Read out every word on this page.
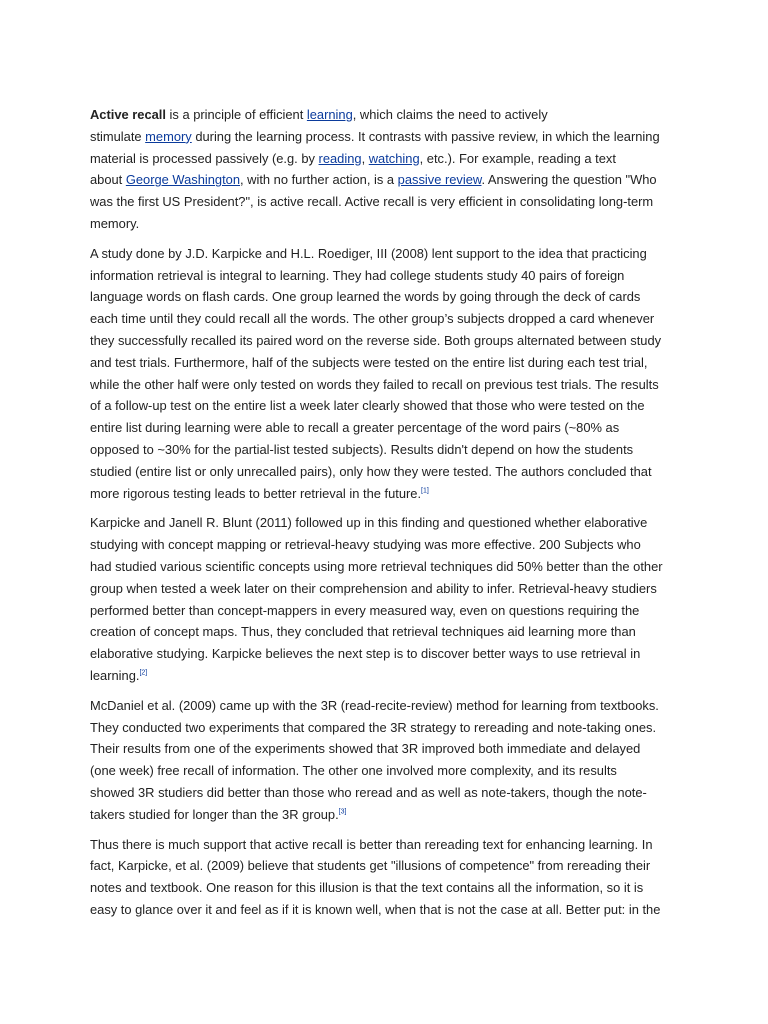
Active recall is a principle of efficient learning, which claims the need to actively
stimulate memory during the learning process. It contrasts with passive review, in which the learning
material is processed passively (e.g. by reading, watching, etc.). For example, reading a text
about George Washington, with no further action, is a passive review. Answering the question "Who
was the first US President?", is active recall. Active recall is very efficient in consolidating long-term
memory.

A study done by J.D. Karpicke and H.L. Roediger, III (2008) lent support to the idea that practicing
information retrieval is integral to learning. They had college students study 40 pairs of foreign
language words on flash cards. One group learned the words by going through the deck of cards
each time until they could recall all the words. The other group’s subjects dropped a card whenever
they successfully recalled its paired word on the reverse side. Both groups alternated between study
and test trials. Furthermore, half of the subjects were tested on the entire list during each test trial,
while the other half were only tested on words they failed to recall on previous test trials. The results
of a follow-up test on the entire list a week later clearly showed that those who were tested on the
entire list during learning were able to recall a greater percentage of the word pairs (~80% as
opposed to ~30% for the partial-list tested subjects). Results didn't depend on how the students
studied (entire list or only unrecalled pairs), only how they were tested. The authors concluded that
more rigorous testing leads to better retrieval in the future.[1]

Karpicke and Janell R. Blunt (2011) followed up in this finding and questioned whether elaborative
studying with concept mapping or retrieval-heavy studying was more effective. 200 Subjects who
had studied various scientific concepts using more retrieval techniques did 50% better than the other
group when tested a week later on their comprehension and ability to infer. Retrieval-heavy studiers
performed better than concept-mappers in every measured way, even on questions requiring the
creation of concept maps. Thus, they concluded that retrieval techniques aid learning more than
elaborative studying. Karpicke believes the next step is to discover better ways to use retrieval in
learning.[2]

McDaniel et al. (2009) came up with the 3R (read-recite-review) method for learning from textbooks.
They conducted two experiments that compared the 3R strategy to rereading and note-taking ones.
Their results from one of the experiments showed that 3R improved both immediate and delayed
(one week) free recall of information. The other one involved more complexity, and its results
showed 3R studiers did better than those who reread and as well as note-takers, though the note-
takers studied for longer than the 3R group.[3]

Thus there is much support that active recall is better than rereading text for enhancing learning. In
fact, Karpicke, et al. (2009) believe that students get "illusions of competence" from rereading their
notes and textbook. One reason for this illusion is that the text contains all the information, so it is
easy to glance over it and feel as if it is known well, when that is not the case at all. Better put: in the
